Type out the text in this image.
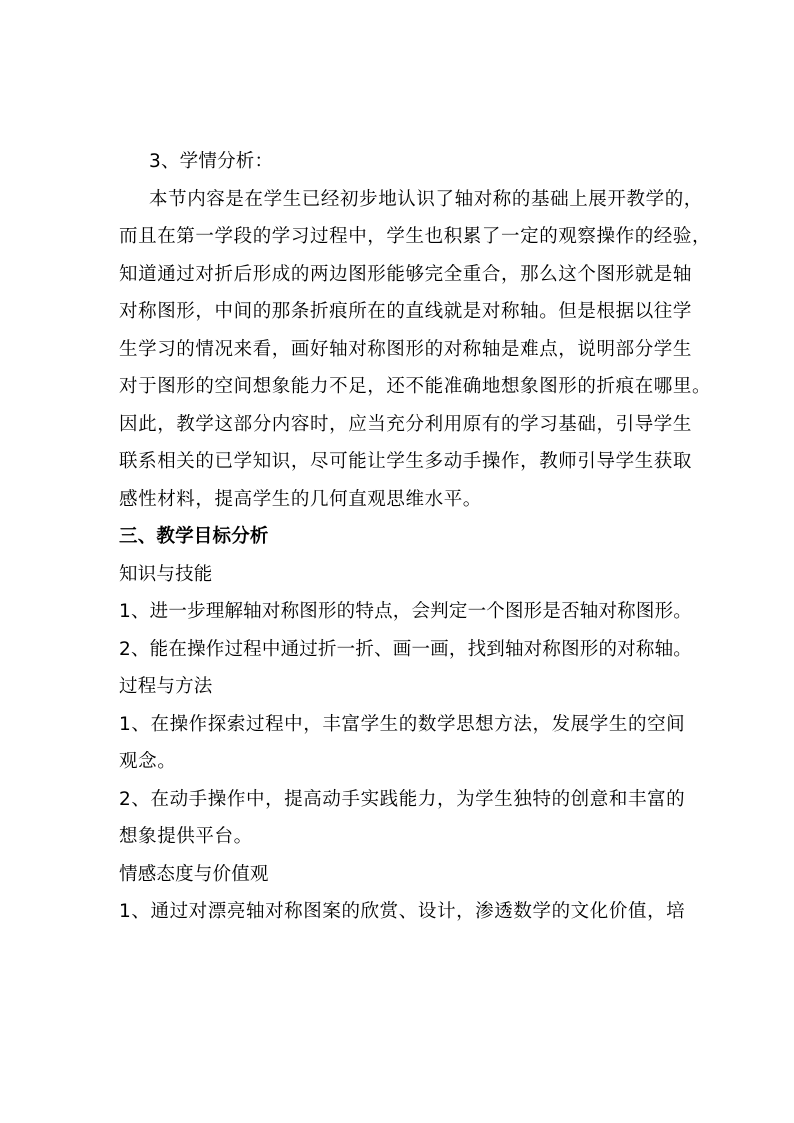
3、学情分析：
本节内容是在学生已经初步地认识了轴对称的基础上展开教学的，
而且在第一学段的学习过程中，学生也积累了一定的观察操作的经验，
知道通过对折后形成的两边图形能够完全重合，那么这个图形就是轴
对称图形，中间的那条折痕所在的直线就是对称轴。但是根据以往学
生学习的情况来看，画好轴对称图形的对称轴是难点，说明部分学生
对于图形的空间想象能力不足，还不能准确地想象图形的折痕在哪里。
因此，教学这部分内容时，应当充分利用原有的学习基础，引导学生
联系相关的已学知识，尽可能让学生多动手操作，教师引导学生获取
感性材料，提高学生的几何直观思维水平。
三、教学目标分析
知识与技能
1、进一步理解轴对称图形的特点，会判定一个图形是否轴对称图形。
2、能在操作过程中通过折一折、画一画，找到轴对称图形的对称轴。
过程与方法
1、在操作探索过程中，丰富学生的数学思想方法，发展学生的空间
观念。
2、在动手操作中，提高动手实践能力，为学生独特的创意和丰富的
想象提供平台。
情感态度与价值观
1、通过对漂亮轴对称图案的欣赏、设计，渗透数学的文化价值，培
